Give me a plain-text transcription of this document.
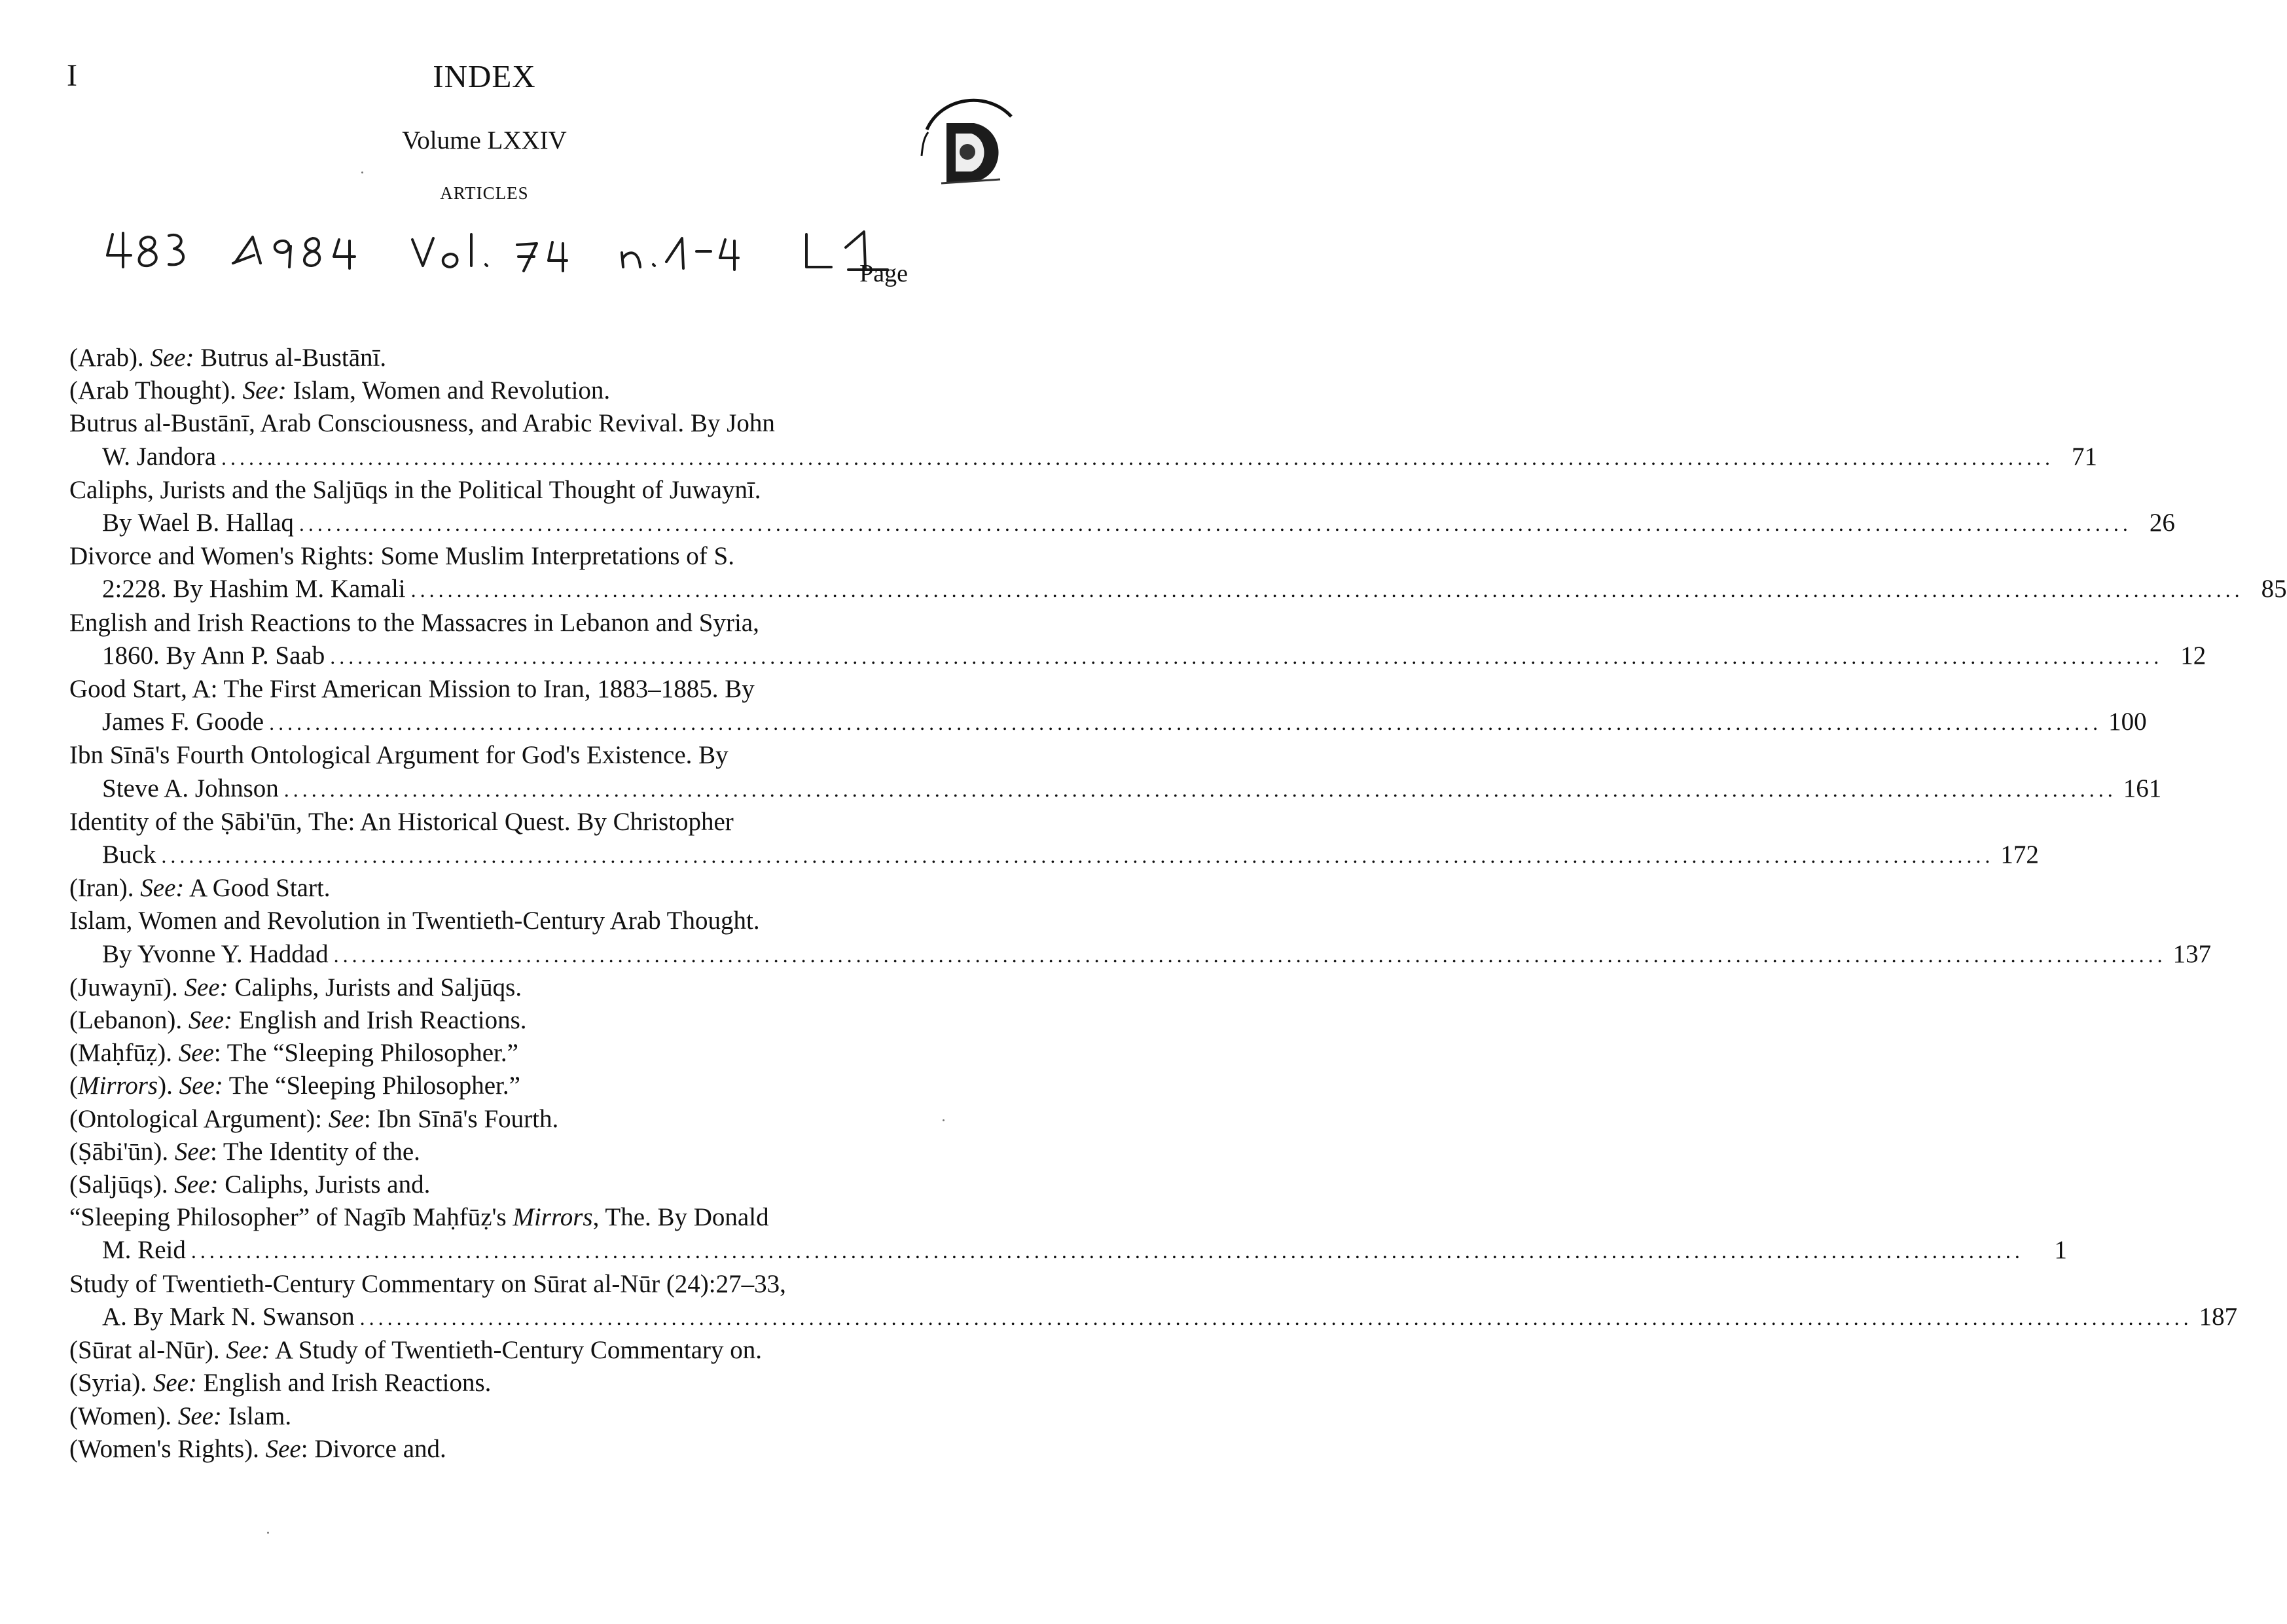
I	INDEX
Volume LXXIV
ARTICLES
Page
(Arab). See: Butrus al-Bustānī.
(Arab Thought). See: Islam, Women and Revolution.
Butrus al-Bustānī, Arab Consciousness, and Arabic Revival. By John
W. Jandora ........................................................................................................................................................................................................ 71
Caliphs, Jurists and the Saljūqs in the Political Thought of Juwaynī.
By Wael B. Hallaq ........................................................................................................................................................................................................ 26
Divorce and Women's Rights: Some Muslim Interpretations of S.
2:228. By Hashim M. Kamali ........................................................................................................................................................................................................ 85
English and Irish Reactions to the Massacres in Lebanon and Syria,
1860. By Ann P. Saab ........................................................................................................................................................................................................ 12
Good Start, A: The First American Mission to Iran, 1883–1885. By
James F. Goode ........................................................................................................................................................................................................ 100
Ibn Sīnā's Fourth Ontological Argument for God's Existence. By
Steve A. Johnson ........................................................................................................................................................................................................ 161
Identity of the Ṣābi'ūn, The: An Historical Quest. By Christopher
Buck ........................................................................................................................................................................................................ 172
(Iran). See: A Good Start.
Islam, Women and Revolution in Twentieth-Century Arab Thought.
By Yvonne Y. Haddad ........................................................................................................................................................................................................ 137
(Juwaynī). See: Caliphs, Jurists and Saljūqs.
(Lebanon). See: English and Irish Reactions.
(Maḥfūẓ). See: The “Sleeping Philosopher.”
(Mirrors). See: The “Sleeping Philosopher.”
(Ontological Argument): See: Ibn Sīnā's Fourth.
(Ṣābi'ūn). See: The Identity of the.
(Saljūqs). See: Caliphs, Jurists and.
“Sleeping Philosopher” of Nagīb Maḥfūẓ's Mirrors, The. By Donald
M. Reid ........................................................................................................................................................................................................	1
Study of Twentieth-Century Commentary on Sūrat al-Nūr (24):27–33,
A. By Mark N. Swanson ........................................................................................................................................................................................................ 187
(Sūrat al-Nūr). See: A Study of Twentieth-Century Commentary on.
(Syria). See: English and Irish Reactions.
(Women). See: Islam.
(Women's Rights). See: Divorce and.
